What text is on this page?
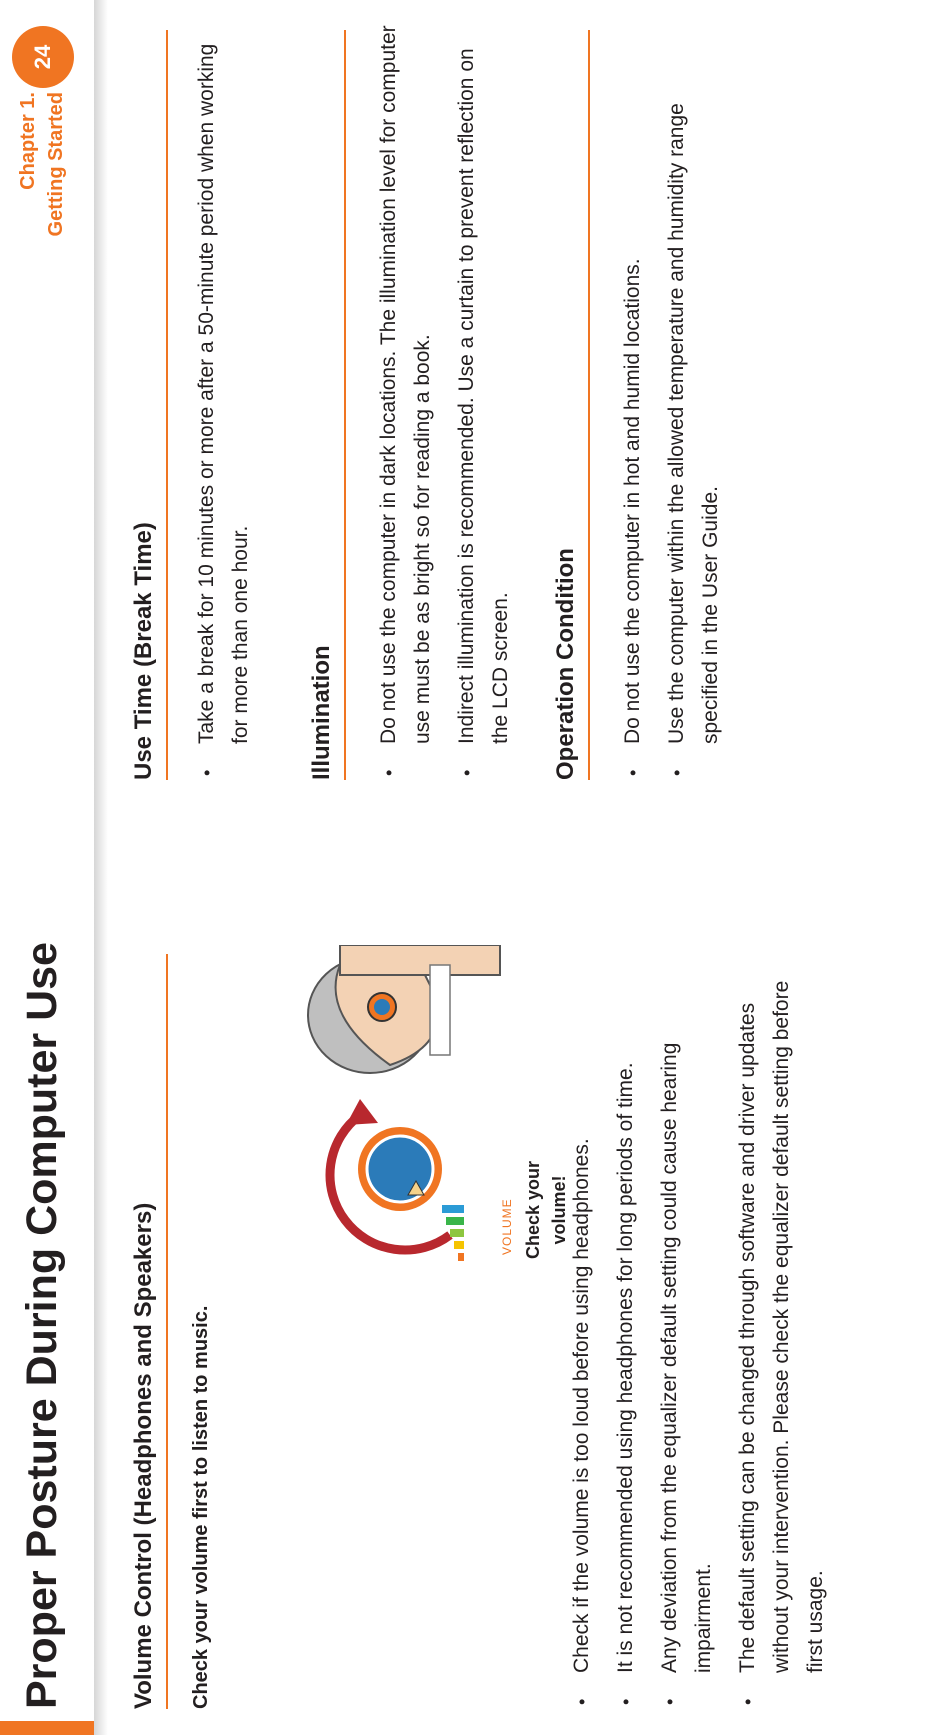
Proper Posture During Computer Use
Chapter 1. Getting Started
24
Volume Control (Headphones and Speakers)	Check your volume first to listen to music.
VOLUME Check your volume!
•
Check if the volume is too loud before using headphones.
•
It is not recommended using headphones for long periods of time.
•
Any deviation from the equalizer default setting could cause hearing impairment.
•
The default setting can be changed through software and driver updates without your intervention. Please check the equalizer default setting before first usage.
Use Time (Break Time)	•
Take a break for 10 minutes or more after a 50-minute period when working for more than one hour. Illumination	•
Do not use the computer in dark locations. The illumination level for computer use must be as bright so for reading a book.
•
Indirect illumination is recommended. Use a curtain to prevent reflection on the LCD screen. Operation Condition	•
Do not use the computer in hot and humid locations.
•
Use the computer within the allowed temperature and humidity range specified in the User Guide.
